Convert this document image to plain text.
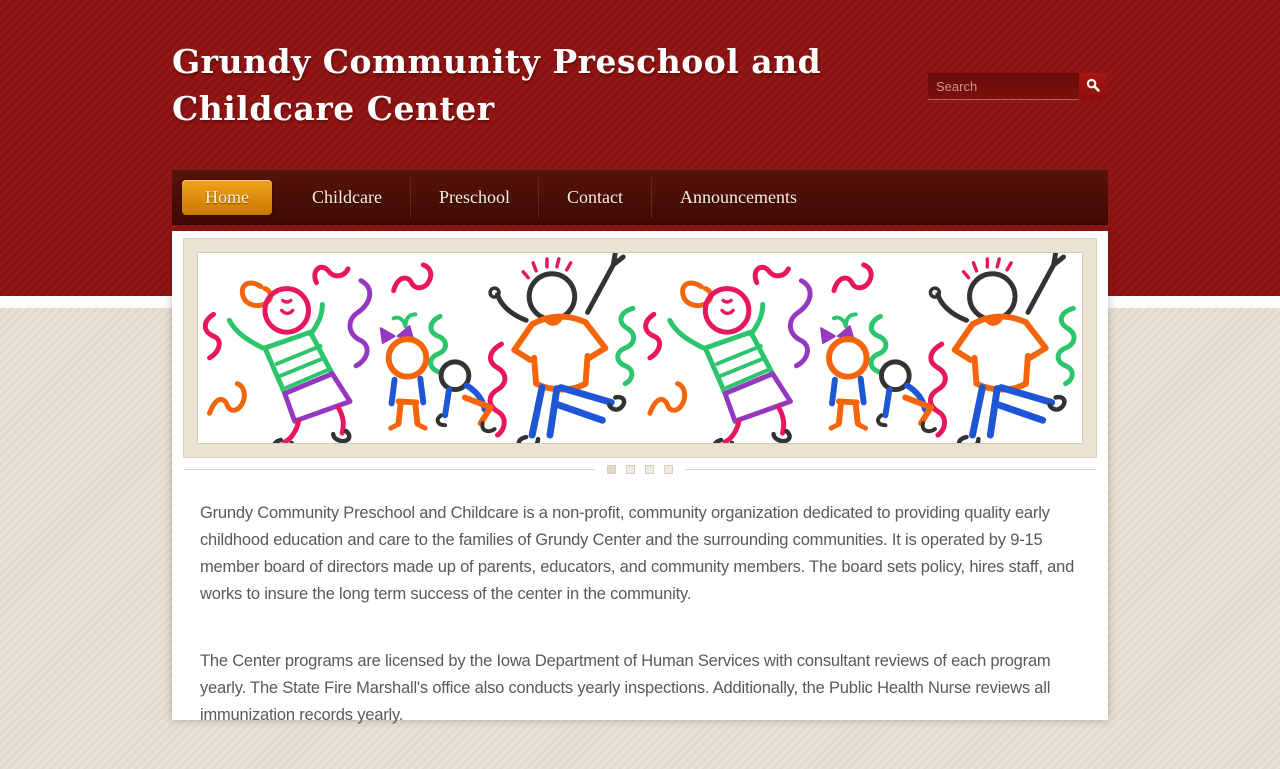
Grundy Community Preschool and Childcare Center
Search
Home	Childcare	Preschool	Contact	Announcements

Grundy Community Preschool and Childcare is a non-profit, community organization dedicated to providing quality early childhood education and care to the families of Grundy Center and the surrounding communities. It is operated by 9-15 member board of directors made up of parents, educators, and community members. The board sets policy, hires staff, and works to insure the long term success of the center in the community.

The Center programs are licensed by the Iowa Department of Human Services with consultant reviews of each program yearly. The State Fire Marshall's office also conducts yearly inspections. Additionally, the Public Health Nurse reviews all immunization records yearly.
